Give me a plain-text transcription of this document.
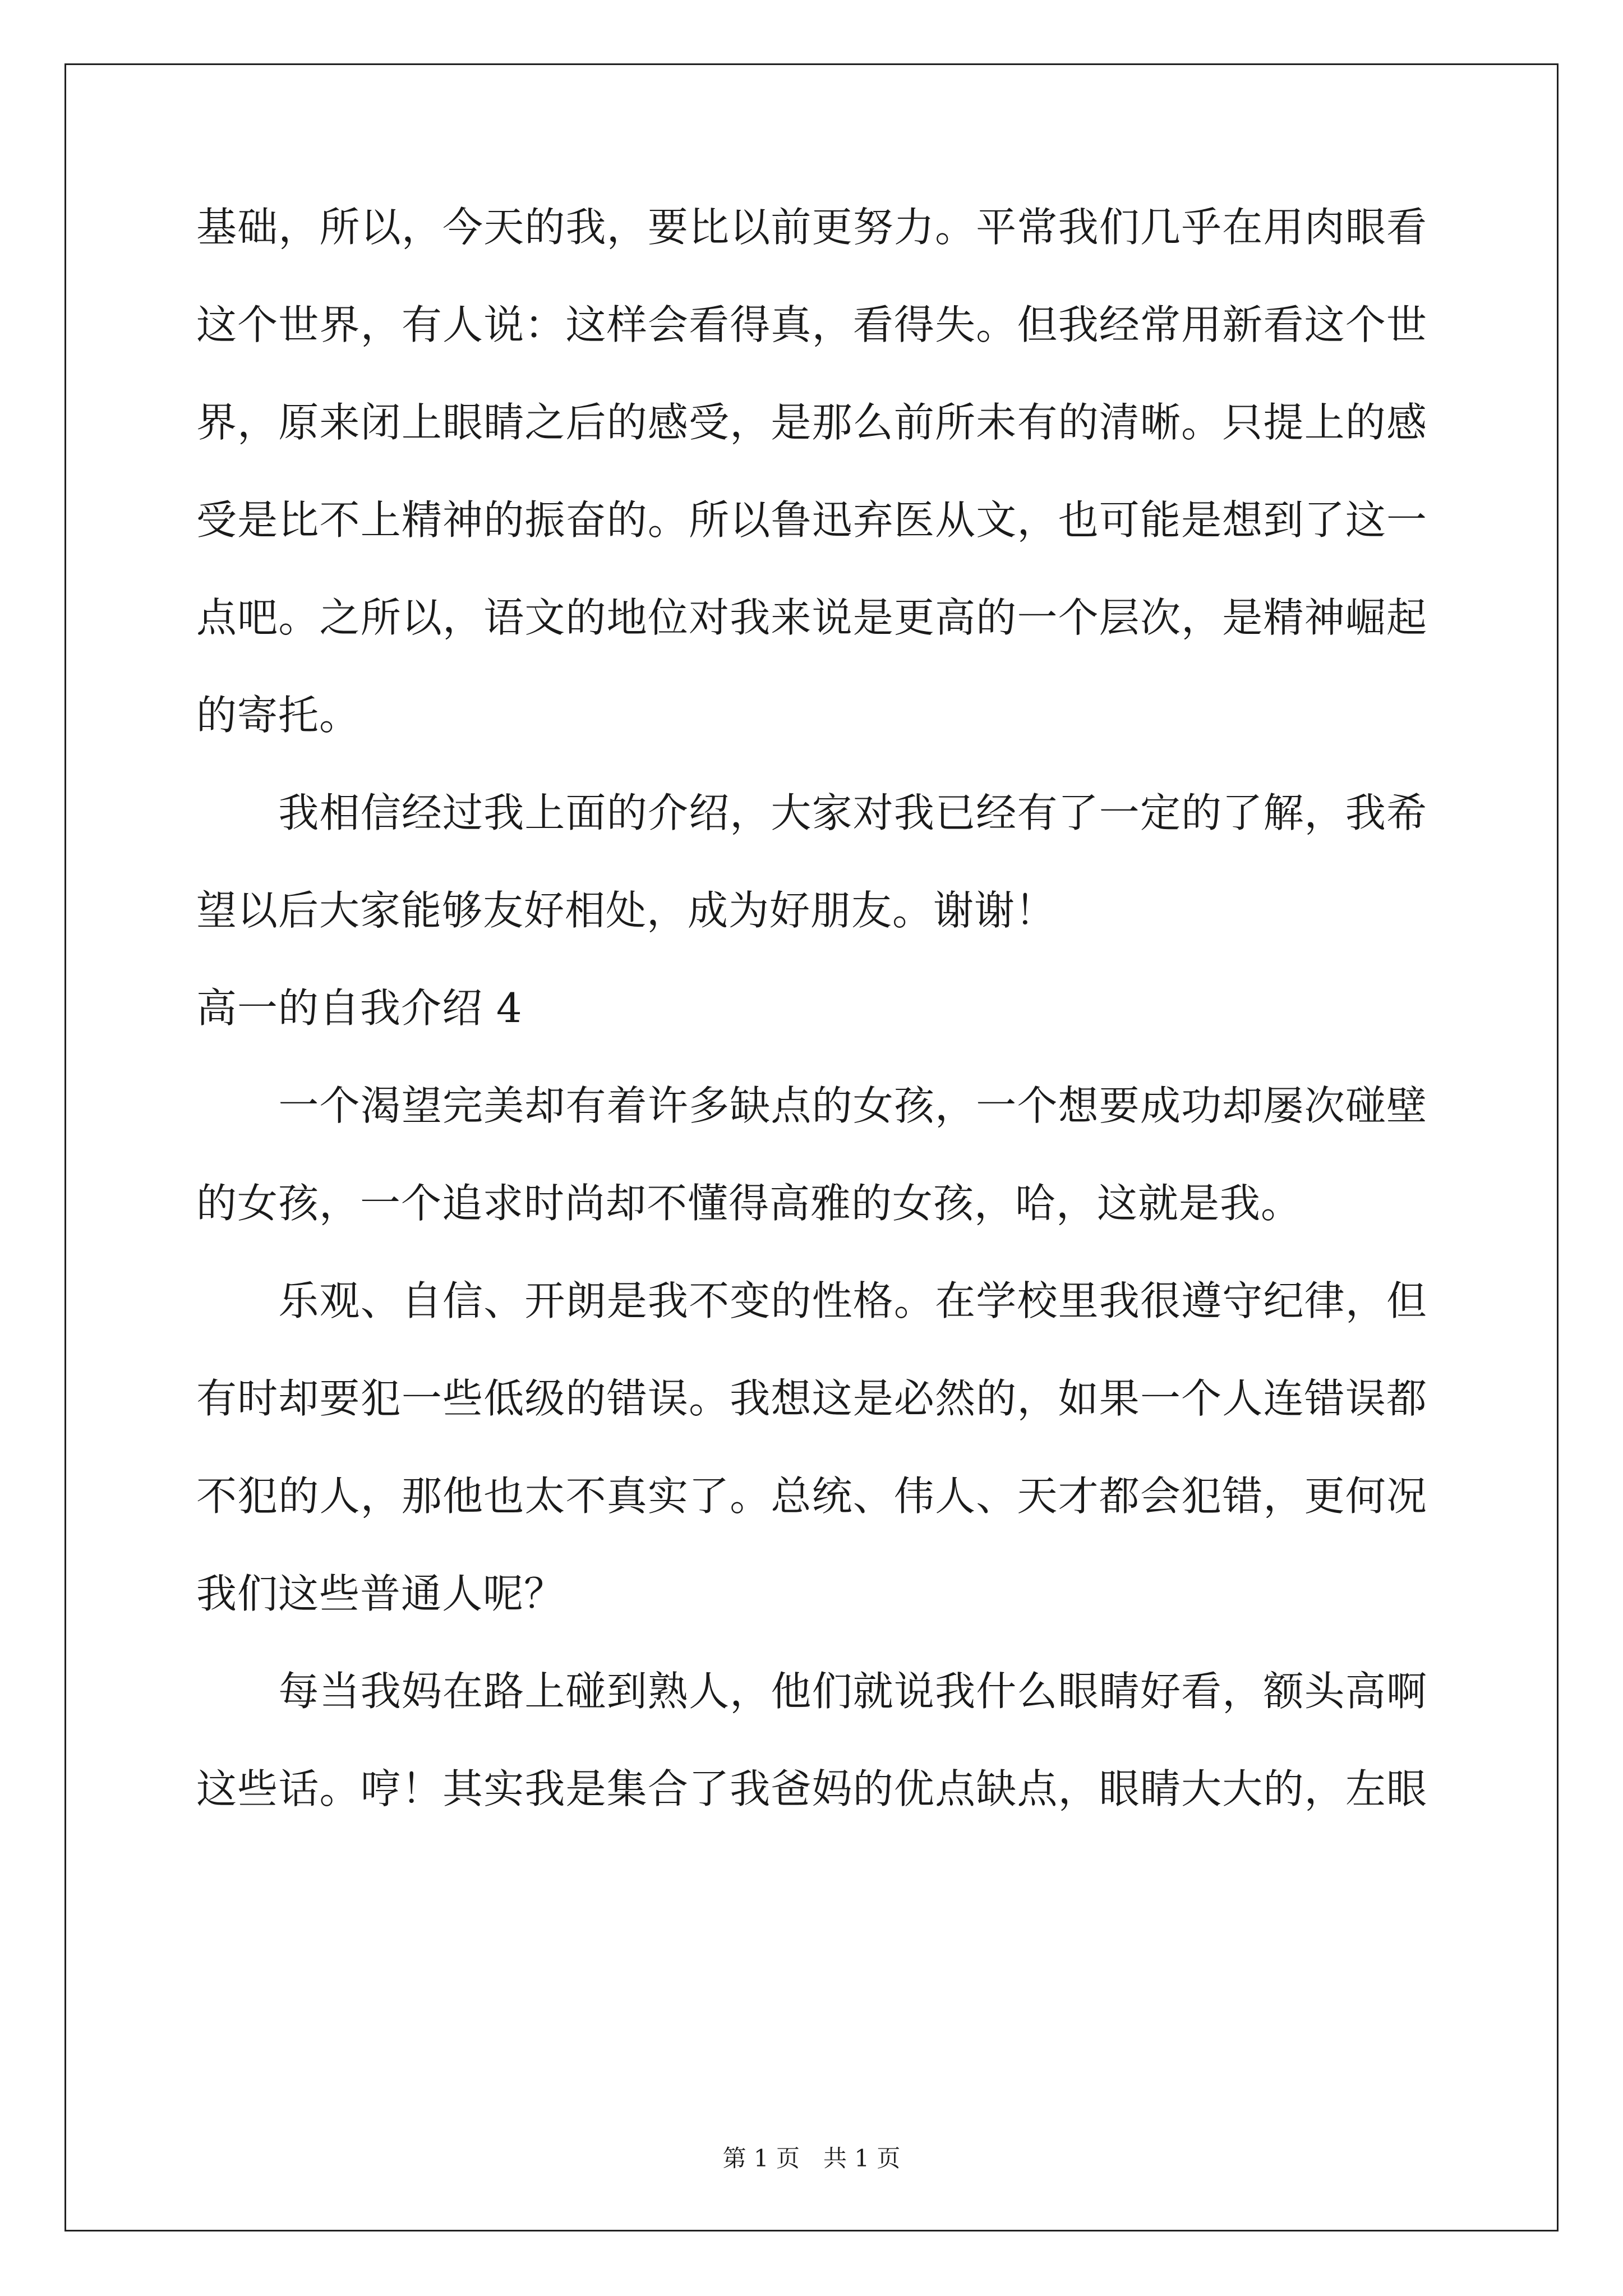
基础，所以，今天的我，要比以前更努力。平常我们几乎在用肉眼看
这个世界，有人说：这样会看得真，看得失。但我经常用新看这个世
界，原来闭上眼睛之后的感受，是那么前所未有的清晰。只提上的感
受是比不上精神的振奋的。所以鲁迅弃医从文，也可能是想到了这一
点吧。之所以，语文的地位对我来说是更高的一个层次，是精神崛起
的寄托。
　　我相信经过我上面的介绍，大家对我已经有了一定的了解，我希
望以后大家能够友好相处，成为好朋友。谢谢！
高一的自我介绍 4
　　一个渴望完美却有着许多缺点的女孩，一个想要成功却屡次碰壁
的女孩，一个追求时尚却不懂得高雅的女孩，哈，这就是我。
　　乐观、自信、开朗是我不变的性格。在学校里我很遵守纪律，但
有时却要犯一些低级的错误。我想这是必然的，如果一个人连错误都
不犯的人，那他也太不真实了。总统、伟人、天才都会犯错，更何况
我们这些普通人呢？
　　每当我妈在路上碰到熟人，他们就说我什么眼睛好看，额头高啊
这些话。哼！其实我是集合了我爸妈的优点缺点，眼睛大大的，左眼
第 1 页　共 1 页
